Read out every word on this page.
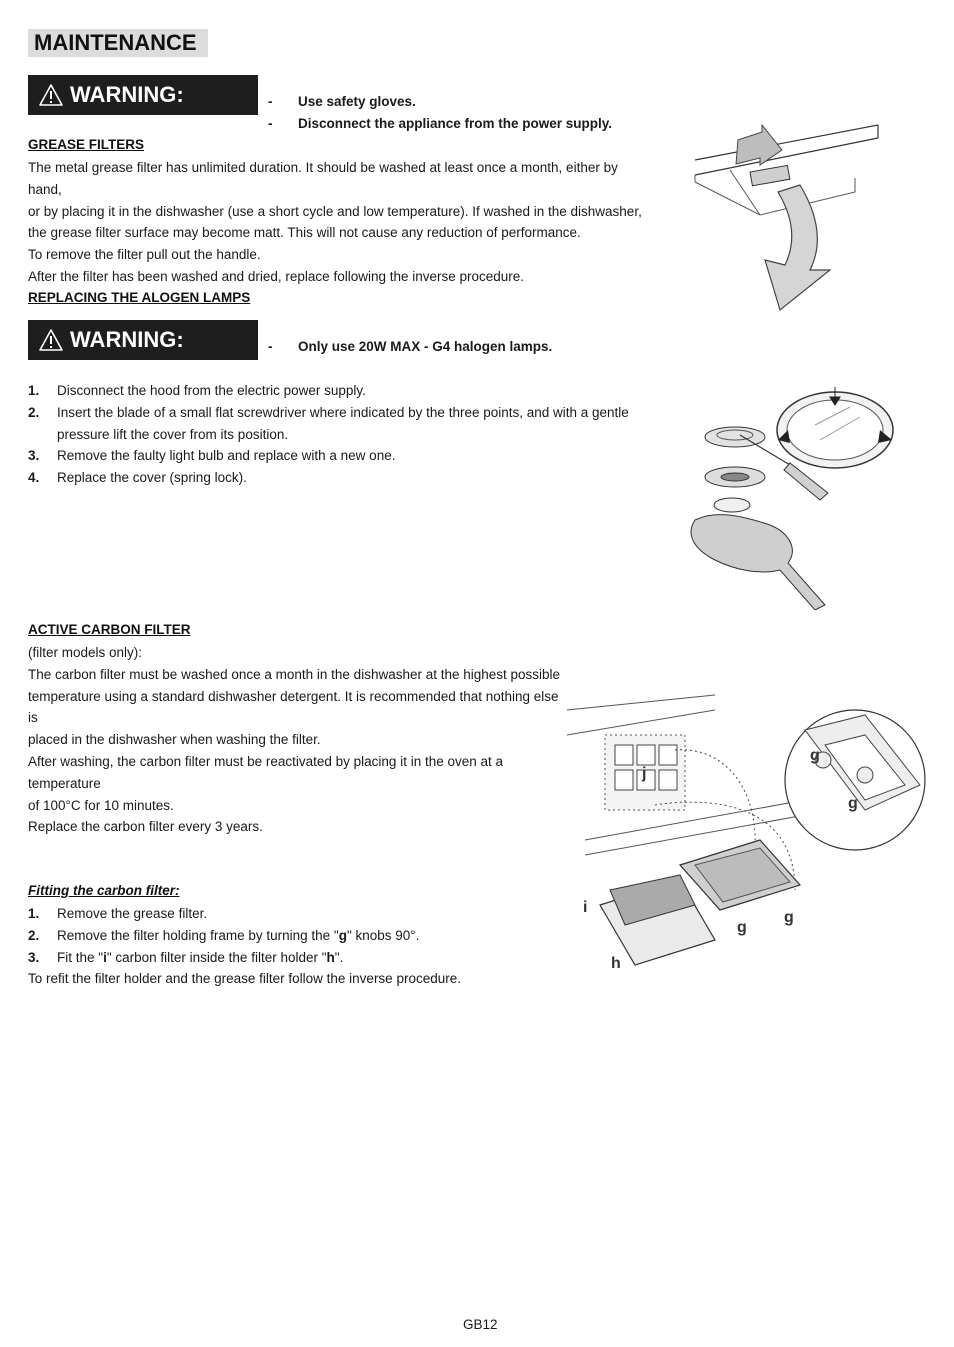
MAINTENANCE
WARNING:	-	Use safety gloves.
-	Disconnect the appliance from the power supply.
GREASE FILTERS

The metal grease filter has unlimited duration. It should be washed at least once a month, either by hand,

or by placing it in the dishwasher (use a short cycle and low temperature). If washed in the dishwasher,

the grease filter surface may become matt. This will not cause any reduction of performance.

To remove the filter pull out the handle.

After the filter has been washed and dried, replace following the inverse procedure.

REPLACING THE ALOGEN LAMPS
WARNING:	-	Only use 20W MAX - G4 halogen lamps.
1.	Disconnect the hood from the electric power supply.
2.	Insert the blade of a small flat screwdriver where indicated by the three points, and with a gentle
pressure lift the cover from its position.
3.	Remove the faulty light bulb and replace with a new one.
4.	Replace the cover (spring lock).
ACTIVE CARBON FILTER

(filter models only):

The carbon filter must be washed once a month in the dishwasher at the highest possible

temperature using a standard dishwasher detergent. It is recommended that nothing else is

placed in the dishwasher when washing the filter.

After washing, the carbon filter must be reactivated by placing it in the oven at a temperature

of 100°C for 10 minutes.

Replace the carbon filter every 3 years.

j
g
g
g
g
i
h
Fitting the carbon filter:
1.	Remove the grease filter.
2.	Remove the filter holding frame by turning the "g" knobs 90°.
3.	Fit the "i" carbon filter inside the filter holder "h".
To refit the filter holder and the grease filter follow the inverse procedure.
GB12
